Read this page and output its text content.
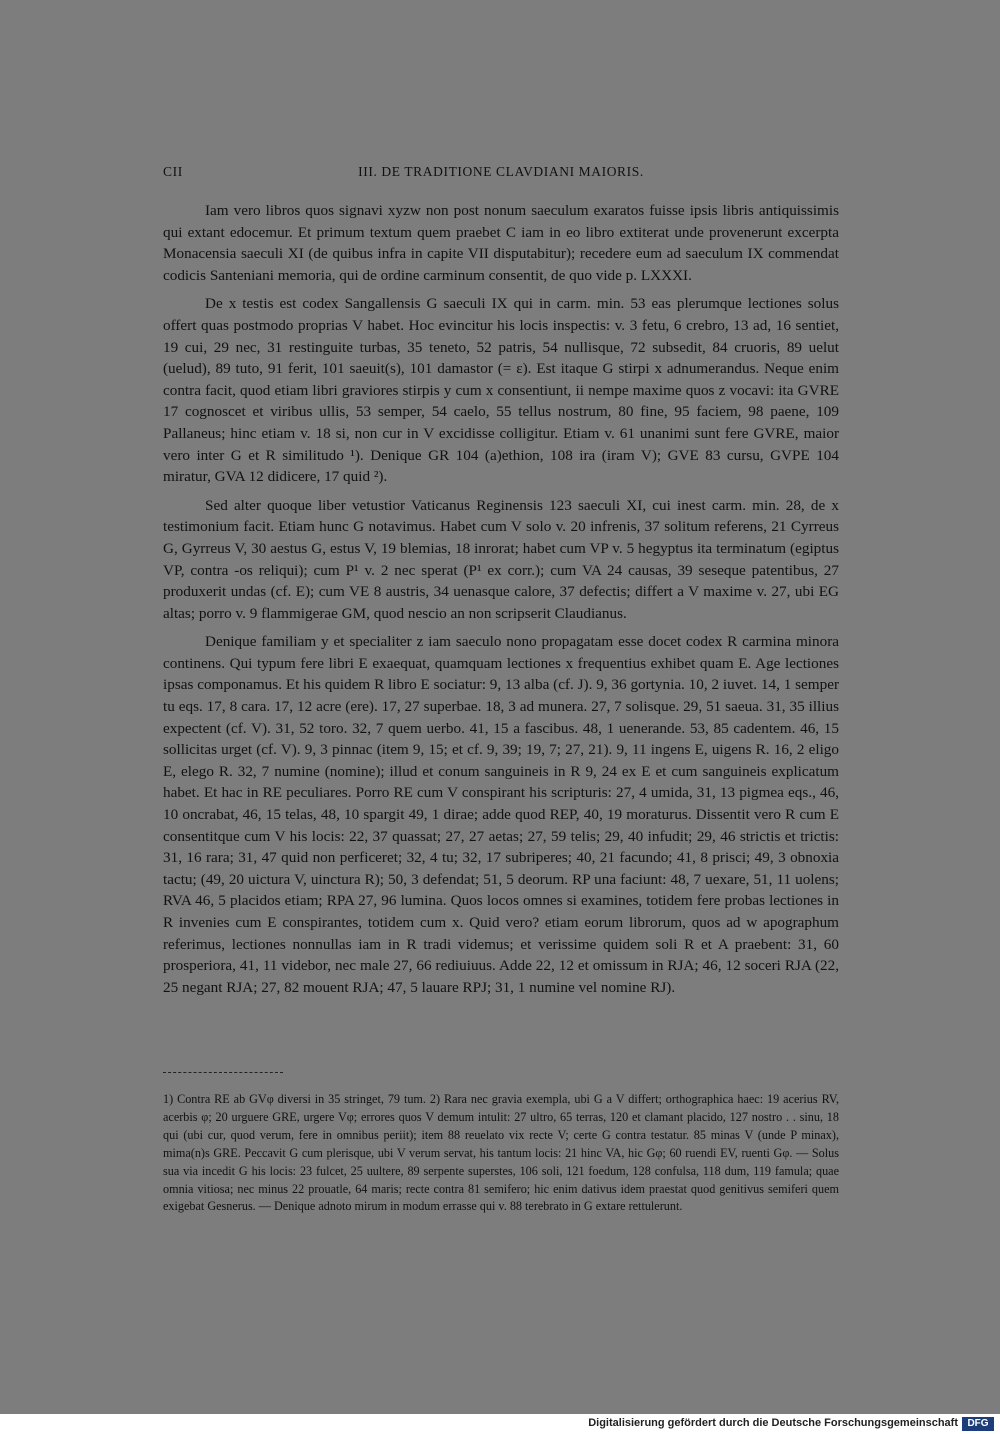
CII	III. DE TRADITIONE CLAVDIANI MAIORIS.

Iam vero libros quos signavi xyzw non post nonum saeculum exaratos fuisse ipsis libris antiquissimis qui extant edocemur. Et primum textum quem praebet C iam in eo libro extiterat unde provenerunt excerpta Monacensia saeculi XI (de quibus infra in capite VII disputabitur); recedere eum ad saeculum IX commendat codicis Santeniani memoria, qui de ordine carminum consentit, de quo vide p. LXXXI.

De x testis est codex Sangallensis G saeculi IX qui in carm. min. 53 eas plerumque lectiones solus offert quas postmodo proprias V habet. Hoc evincitur his locis inspectis: v. 3 fetu, 6 crebro, 13 ad, 16 sentiet, 19 cui, 29 nec, 31 restinguite turbas, 35 teneto, 52 patris, 54 nullisque, 72 subsedit, 84 cruoris, 89 uelut (uelud), 89 tuto, 91 ferit, 101 saeuit(s), 101 damastor (= ε). Est itaque G stirpi x adnumerandus. Neque enim contra facit, quod etiam libri graviores stirpis y cum x consentiunt, ii nempe maxime quos z vocavi: ita GVRE 17 cognoscet et viribus ullis, 53 semper, 54 caelo, 55 tellus nostrum, 80 fine, 95 faciem, 98 paene, 109 Pallaneus; hinc etiam v. 18 si, non cur in V excidisse colligitur. Etiam v. 61 unanimi sunt fere GVRE, maior vero inter G et R similitudo ¹). Denique GR 104 (a)ethion, 108 ira (iram V); GVE 83 cursu, GVPE 104 miratur, GVA 12 didicere, 17 quid ²).

Sed alter quoque liber vetustior Vaticanus Reginensis 123 saeculi XI, cui inest carm. min. 28, de x testimonium facit. Etiam hunc G notavimus. Habet cum V solo v. 20 infrenis, 37 solitum referens, 21 Cyrreus G, Gyrreus V, 30 aestus G, estus V, 19 blemias, 18 inrorat; habet cum VP v. 5 hegyptus ita terminatum (egiptus VP, contra -os reliqui); cum P¹ v. 2 nec sperat (P¹ ex corr.); cum VA 24 causas, 39 seseque patentibus, 27 produxerit undas (cf. E); cum VE 8 austris, 34 uenasque calore, 37 defectis; differt a V maxime v. 27, ubi EG altas; porro v. 9 flammigerae GM, quod nescio an non scripserit Claudianus.

Denique familiam y et specialiter z iam saeculo nono propagatam esse docet codex R carmina minora continens. Qui typum fere libri E exaequat, quamquam lectiones x frequentius exhibet quam E. Age lectiones ipsas componamus. Et his quidem R libro E sociatur: 9, 13 alba (cf. J). 9, 36 gortynia. 10, 2 iuvet. 14, 1 semper tu eqs. 17, 8 cara. 17, 12 acre (ere). 17, 27 superbae. 18, 3 ad munera. 27, 7 solisque. 29, 51 saeua. 31, 35 illius expectent (cf. V). 31, 52 toro. 32, 7 quem uerbo. 41, 15 a fascibus. 48, 1 uenerande. 53, 85 cadentem. 46, 15 sollicitas urget (cf. V). 9, 3 pinnac (item 9, 15; et cf. 9, 39; 19, 7; 27, 21). 9, 11 ingens E, uigens R. 16, 2 eligo E, elego R. 32, 7 numine (nomine); illud et conum sanguineis in R 9, 24 ex E et cum sanguineis explicatum habet. Et hac in RE peculiares. Porro RE cum V conspirant his scripturis: 27, 4 umida, 31, 13 pigmea eqs., 46, 10 oncrabat, 46, 15 telas, 48, 10 spargit 49, 1 dirae; adde quod REP, 40, 19 moraturus. Dissentit vero R cum E consentitque cum V his locis: 22, 37 quassat; 27, 27 aetas; 27, 59 telis; 29, 40 infudit; 29, 46 strictis et trictis: 31, 16 rara; 31, 47 quid non perficeret; 32, 4 tu; 32, 17 subriperes; 40, 21 facundo; 41, 8 prisci; 49, 3 obnoxia tactu; (49, 20 uictura V, uinctura R); 50, 3 defendat; 51, 5 deorum. RP una faciunt: 48, 7 uexare, 51, 11 uolens; RVA 46, 5 placidos etiam; RPA 27, 96 lumina. Quos locos omnes si examines, totidem fere probas lectiones in R invenies cum E conspirantes, totidem cum x. Quid vero? etiam eorum librorum, quos ad w apographum referimus, lectiones nonnullas iam in R tradi videmus; et verissime quidem soli R et A praebent: 31, 60 prosperiora, 41, 11 videbor, nec male 27, 66 rediuiuus. Adde 22, 12 et omissum in RJA; 46, 12 soceri RJA (22, 25 negant RJA; 27, 82 mouent RJA; 47, 5 lauare RPJ; 31, 1 numine vel nomine RJ).

1) Contra RE ab GVφ diversi in 35 stringet, 79 tum. 2) Rara nec gravia exempla, ubi G a V differt; orthographica haec: 19 acerius RV, acerbis φ; 20 urguere GRE, urgere Vφ; errores quos V demum intulit: 27 ultro, 65 terras, 120 et clamant placido, 127 nostro . . sinu, 18 qui (ubi cur, quod verum, fere in omnibus periit); item 88 reuelato vix recte V; certe G contra testatur. 85 minas V (unde P minax), mima(n)s GRE. Peccavit G cum plerisque, ubi V verum servat, his tantum locis: 21 hinc VA, hic Gφ; 60 ruendi EV, ruenti Gφ. — Solus sua via incedit G his locis: 23 fulcet, 25 uultere, 89 serpente superstes, 106 soli, 121 foedum, 128 confulsa, 118 dum, 119 famula; quae omnia vitiosa; nec minus 22 prouatle, 64 maris; recte contra 81 semifero; hic enim dativus idem praestat quod genitivus semiferi quem exigebat Gesnerus. — Denique adnoto mirum in modum errasse qui v. 88 terebrato in G extare rettulerunt.
Digitalisierung gefördert durch die Deutsche Forschungsgemeinschaft DFG
